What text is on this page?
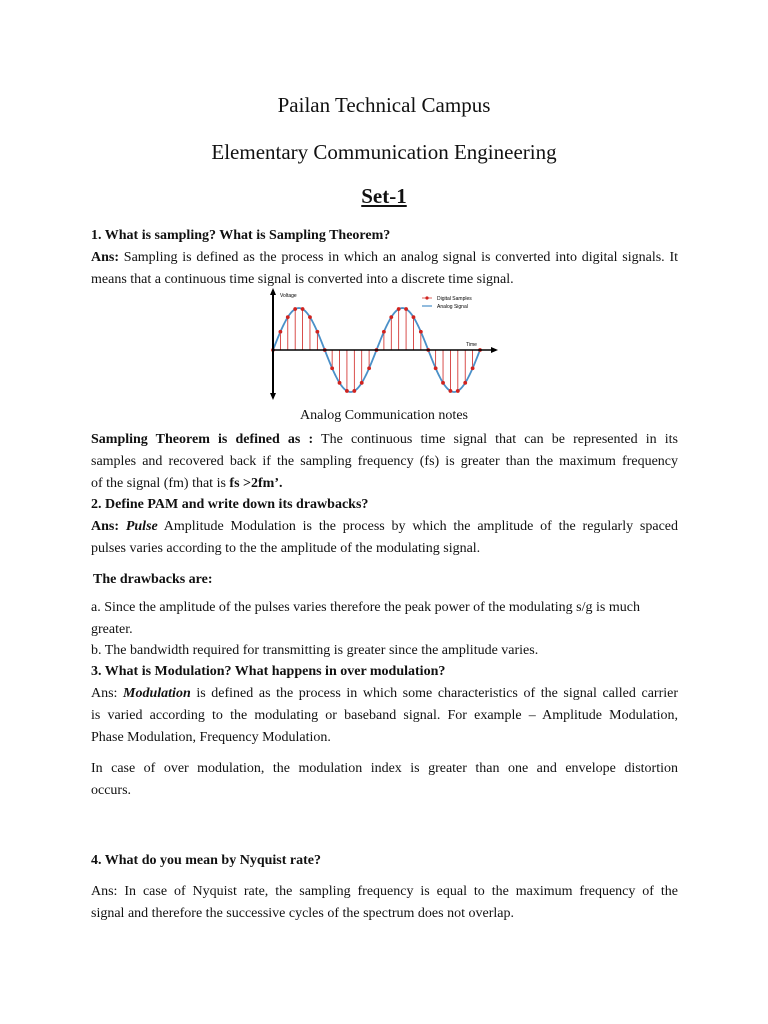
Pailan Technical Campus
Elementary Communication Engineering
Set-1
1. What is sampling? What is Sampling Theorem?
Ans: Sampling is defined as the process in which an analog signal is converted into digital signals. It
means that a continuous time signal is converted into a discrete time signal.
Voltage
Time
Digital Samples
Analog Signal
Analog Communication notes
Sampling Theorem is defined as : The continuous time signal that can be represented in its
samples and recovered back if the sampling frequency (fs) is greater than the maximum frequency
of the signal (fm) that is fs >2fm’.
2. Define PAM and write down its drawbacks?
Ans: Pulse Amplitude Modulation is the process by which the amplitude of the regularly spaced
pulses varies according to the the amplitude of the modulating signal.
The drawbacks are:
a. Since the amplitude of the pulses varies therefore the peak power of the modulating s/g is much
greater.
b. The bandwidth required for transmitting is greater since the amplitude varies.
3. What is Modulation? What happens in over modulation?
Ans: Modulation is defined as the process in which some characteristics of the signal called carrier
is varied according to the modulating or baseband signal. For example – Amplitude Modulation,
Phase Modulation, Frequency Modulation.
In case of over modulation, the modulation index is greater than one and envelope distortion
occurs.
4. What do you mean by Nyquist rate?
Ans: In case of Nyquist rate, the sampling frequency is equal to the maximum frequency of the
signal and therefore the successive cycles of the spectrum does not overlap.
